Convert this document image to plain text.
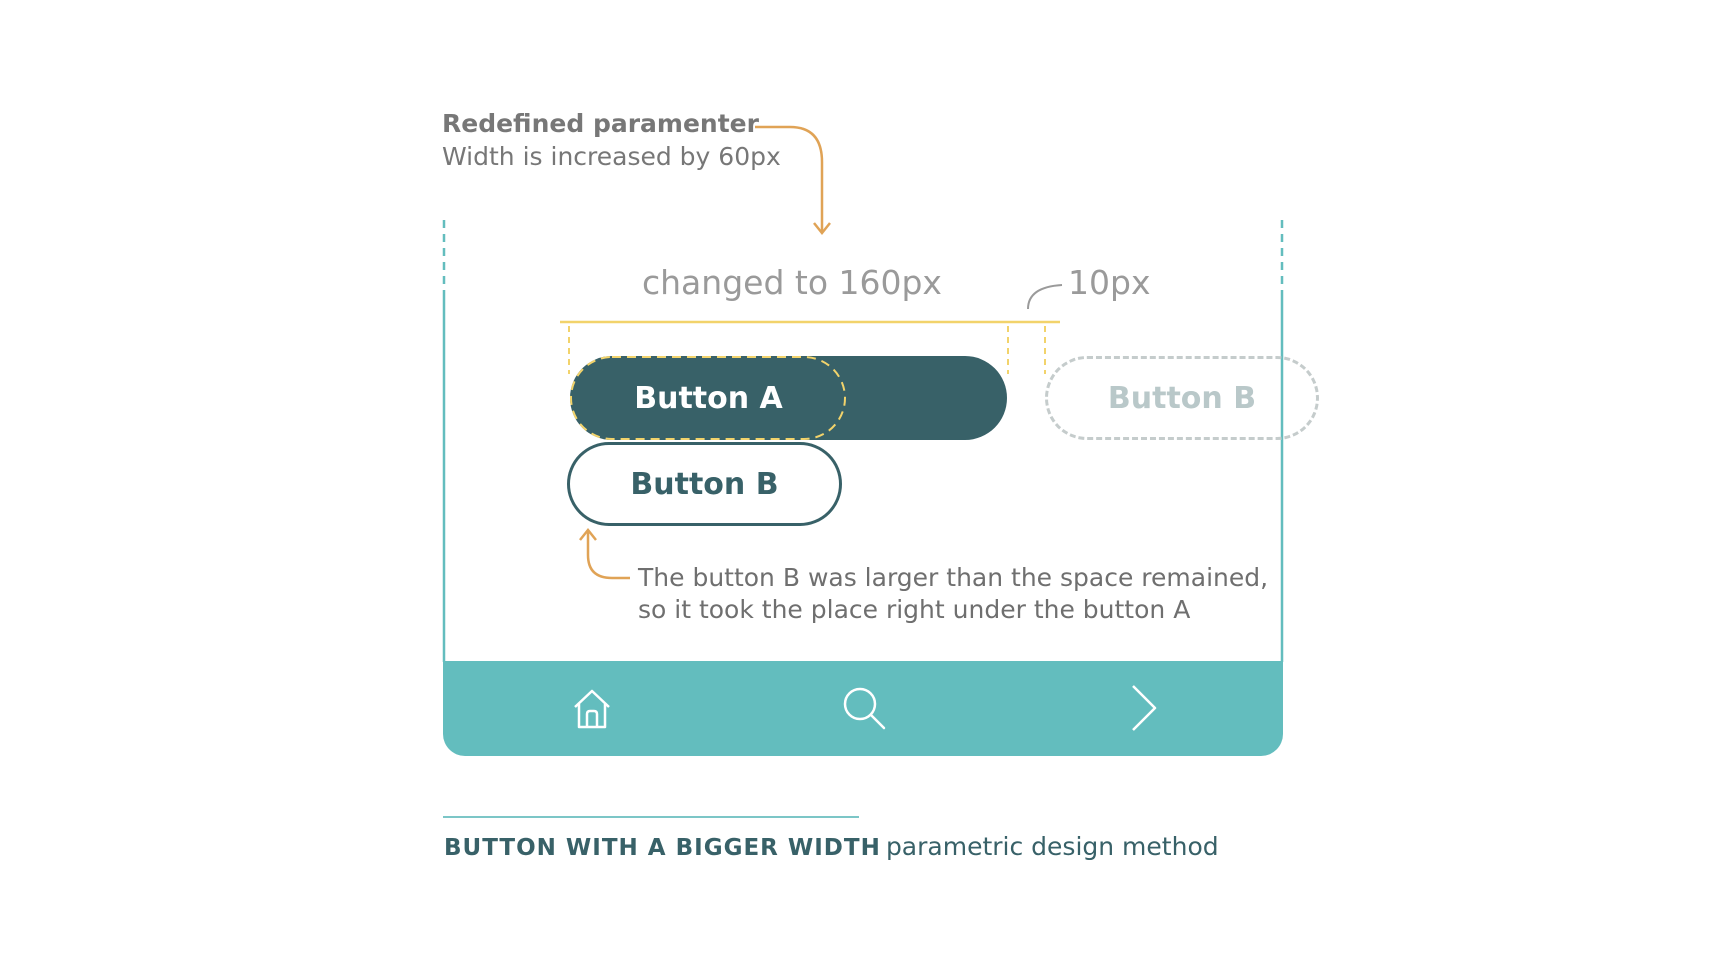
Redefined paramenter
Width is increased by 60px
changed to 160px	10px
Button A
Button B
Button B
The button B was larger than the space remained,
so it took the place right under the button A
BUTTON WITH A BIGGER WIDTH parametric design method
